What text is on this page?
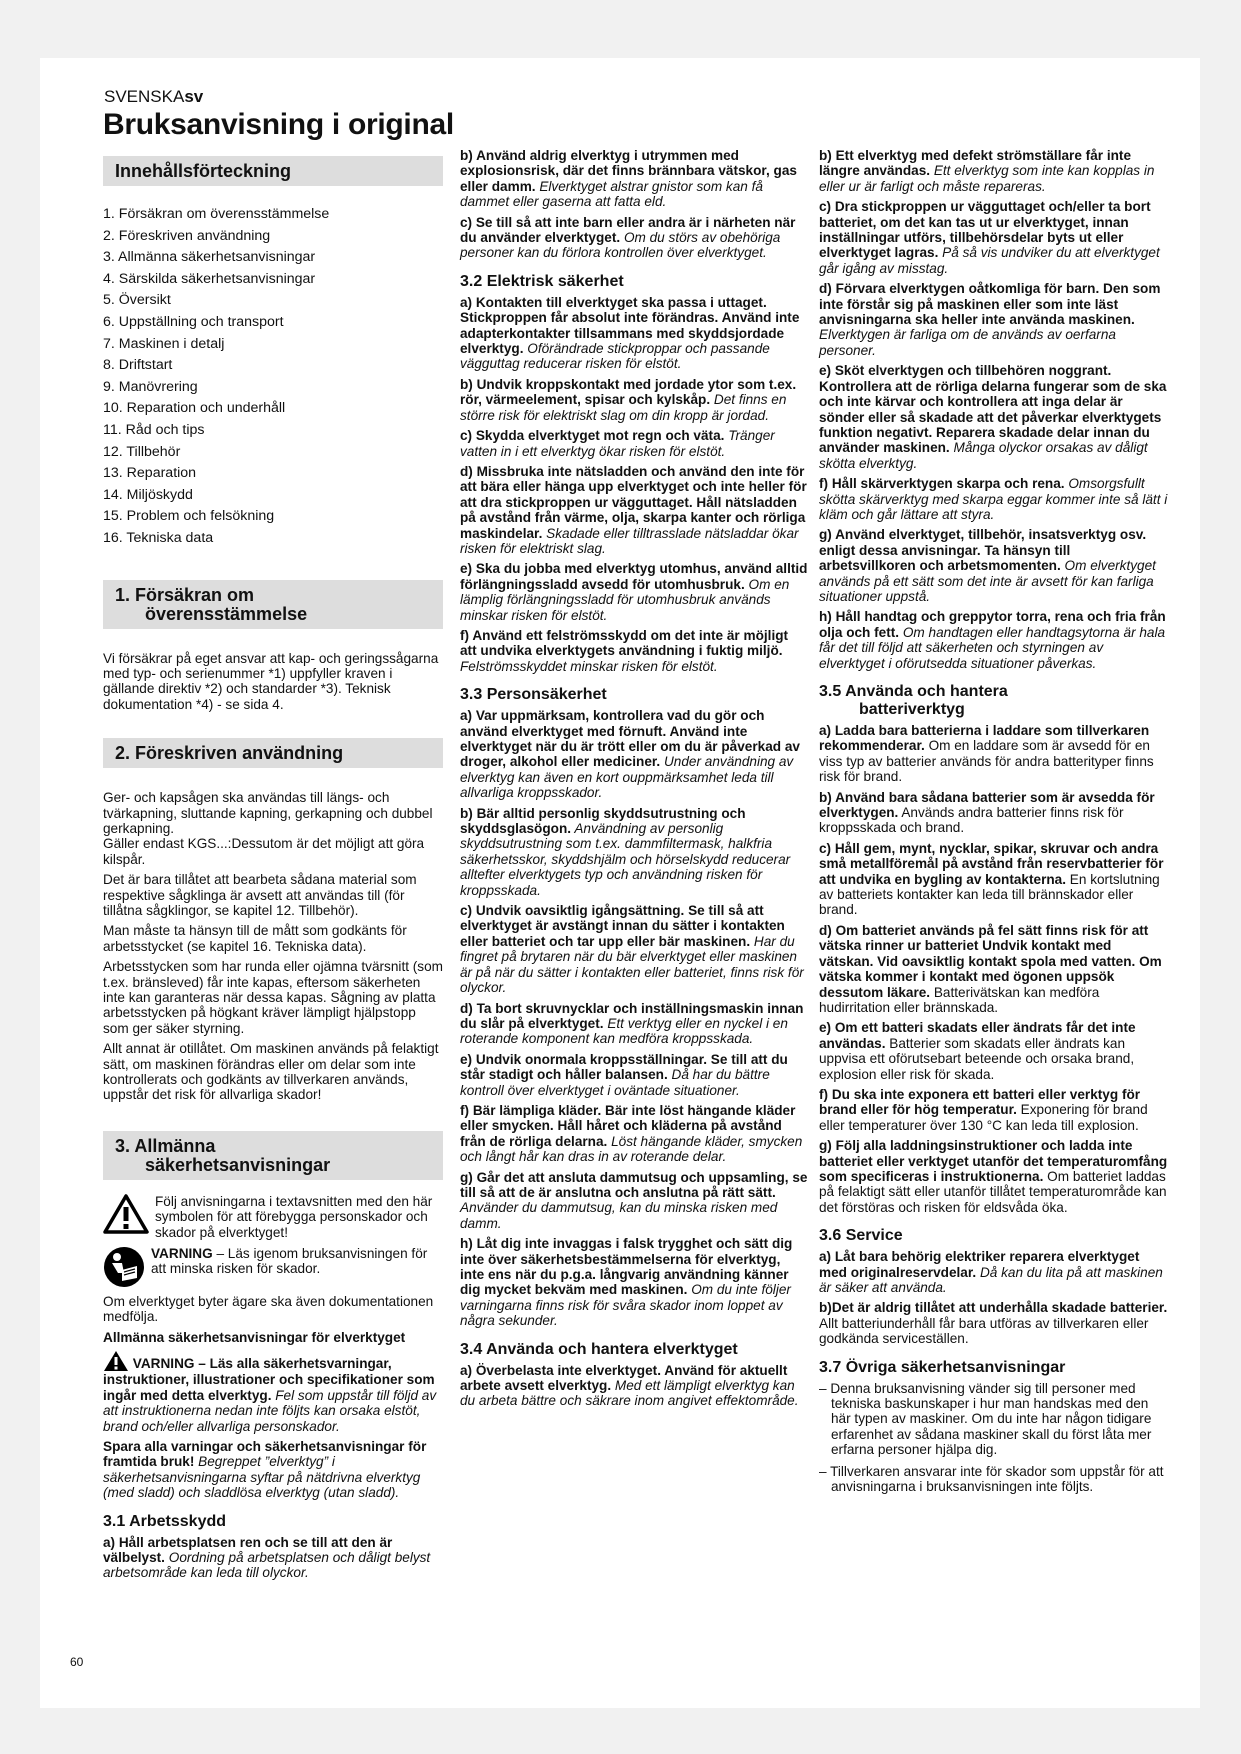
SVENSKAsv
Bruksanvisning i original
Innehållsförteckning
1. Försäkran om överensstämmelse
2. Föreskriven användning
3. Allmänna säkerhetsanvisningar
4. Särskilda säkerhetsanvisningar
5. Översikt
6. Uppställning och transport
7. Maskinen i detalj
8. Driftstart
9. Manövrering
10. Reparation och underhåll
11. Råd och tips
12. Tillbehör
13. Reparation
14. Miljöskydd
15. Problem och felsökning
16. Tekniska data
1. Försäkran om
överensstämmelse

Vi försäkrar på eget ansvar att kap- och geringssågarna med typ- och serienummer *1) uppfyller kraven i gällande direktiv *2) och standarder *3). Teknisk dokumentation *4) - se sida 4.

2. Föreskriven användning

Ger- och kapsågen ska användas till längs- och tvärkapning, sluttande kapning, gerkapning och dubbel gerkapning.

Gäller endast KGS...:Dessutom är det möjligt att göra kilspår.

Det är bara tillåtet att bearbeta sådana material som respektive sågklinga är avsett att användas till (för tillåtna sågklingor, se kapitel 12. Tillbehör).

Man måste ta hänsyn till de mått som godkänts för arbetsstycket (se kapitel 16. Tekniska data).

Arbetsstycken som har runda eller ojämna tvärsnitt (som t.ex. bränsleved) får inte kapas, eftersom säkerheten inte kan garanteras när dessa kapas. Sågning av platta arbetsstycken på högkant kräver lämpligt hjälpstopp som ger säker styrning.

Allt annat är otillåtet. Om maskinen används på felaktigt sätt, om maskinen förändras eller om delar som inte kontrollerats och godkänts av tillverkaren används, uppstår det risk för allvarliga skador!

3. Allmänna
säkerhetsanvisningar
Följ anvisningarna i textavsnitten med den här symbolen för att förebygga personskador och skador på elverktyget!
VARNING – Läs igenom bruksanvisningen för att minska risken för skador.

Om elverktyget byter ägare ska även dokumentationen medfölja.

Allmänna säkerhetsanvisningar för elverktyget

VARNING – Läs alla säkerhetsvarningar, instruktioner, illustrationer och specifikationer som ingår med detta elverktyg. Fel som uppstår till följd av att instruktionerna nedan inte följts kan orsaka elstöt, brand och/eller allvarliga personskador.

Spara alla varningar och säkerhetsanvisningar för framtida bruk! Begreppet ”elverktyg” i säkerhetsanvisningarna syftar på nätdrivna elverktyg (med sladd) och sladdlösa elverktyg (utan sladd).

3.1 Arbetsskydd

a) Håll arbetsplatsen ren och se till att den är välbelyst. Oordning på arbetsplatsen och dåligt belyst arbetsområde kan leda till olyckor.

b) Använd aldrig elverktyg i utrymmen med explosionsrisk, där det finns brännbara vätskor, gas eller damm. Elverktyget alstrar gnistor som kan få dammet eller gaserna att fatta eld.

c) Se till så att inte barn eller andra är i närheten när du använder elverktyget. Om du störs av obehöriga personer kan du förlora kontrollen över elverktyget.

3.2 Elektrisk säkerhet

a) Kontakten till elverktyget ska passa i uttaget. Stickproppen får absolut inte förändras. Använd inte adapterkontakter tillsammans med skyddsjordade elverktyg. Oförändrade stickproppar och passande vägguttag reducerar risken för elstöt.

b) Undvik kroppskontakt med jordade ytor som t.ex. rör, värmeelement, spisar och kylskåp. Det finns en större risk för elektriskt slag om din kropp är jordad.

c) Skydda elverktyget mot regn och väta. Tränger vatten in i ett elverktyg ökar risken för elstöt.

d) Missbruka inte nätsladden och använd den inte för att bära eller hänga upp elverktyget och inte heller för att dra stickproppen ur vägguttaget. Håll nätsladden på avstånd från värme, olja, skarpa kanter och rörliga maskindelar. Skadade eller tilltrasslade nätsladdar ökar risken för elektriskt slag.

e) Ska du jobba med elverktyg utomhus, använd alltid förlängningssladd avsedd för utomhusbruk. Om en lämplig förlängningssladd för utomhusbruk används minskar risken för elstöt.

f) Använd ett felströmsskydd om det inte är möjligt att undvika elverktygets användning i fuktig miljö. Felströmsskyddet minskar risken för elstöt.

3.3 Personsäkerhet

a) Var uppmärksam, kontrollera vad du gör och använd elverktyget med förnuft. Använd inte elverktyget när du är trött eller om du är påverkad av droger, alkohol eller mediciner. Under användning av elverktyg kan även en kort ouppmärksamhet leda till allvarliga kroppsskador.

b) Bär alltid personlig skyddsutrustning och skyddsglasögon. Användning av personlig skyddsutrustning som t.ex. dammfiltermask, halkfria säkerhetsskor, skyddshjälm och hörselskydd reducerar alltefter elverktygets typ och användning risken för kroppsskada.

c) Undvik oavsiktlig igångsättning. Se till så att elverktyget är avstängt innan du sätter i kontakten eller batteriet och tar upp eller bär maskinen. Har du fingret på brytaren när du bär elverktyget eller maskinen är på när du sätter i kontakten eller batteriet, finns risk för olyckor.

d) Ta bort skruvnycklar och inställningsmaskin innan du slår på elverktyget. Ett verktyg eller en nyckel i en roterande komponent kan medföra kroppsskada.

e) Undvik onormala kroppsställningar. Se till att du står stadigt och håller balansen. Då har du bättre kontroll över elverktyget i oväntade situationer.

f) Bär lämpliga kläder. Bär inte löst hängande kläder eller smycken. Håll håret och kläderna på avstånd från de rörliga delarna. Löst hängande kläder, smycken och långt hår kan dras in av roterande delar.

g) Går det att ansluta dammutsug och uppsamling, se till så att de är anslutna och anslutna på rätt sätt. Använder du dammutsug, kan du minska risken med damm.

h) Låt dig inte invaggas i falsk trygghet och sätt dig inte över säkerhetsbestämmelserna för elverktyg, inte ens när du p.g.a. långvarig användning känner dig mycket bekväm med maskinen. Om du inte följer varningarna finns risk för svåra skador inom loppet av några sekunder.

3.4 Använda och hantera elverktyget

a) Överbelasta inte elverktyget. Använd för aktuellt arbete avsett elverktyg. Med ett lämpligt elverktyg kan du arbeta bättre och säkrare inom angivet effektområde.

b) Ett elverktyg med defekt strömställare får inte längre användas. Ett elverktyg som inte kan kopplas in eller ur är farligt och måste repareras.

c) Dra stickproppen ur vägguttaget och/eller ta bort batteriet, om det kan tas ut ur elverktyget, innan inställningar utförs, tillbehörsdelar byts ut eller elverktyget lagras. På så vis undviker du att elverktyget går igång av misstag.

d) Förvara elverktygen oåtkomliga för barn. Den som inte förstår sig på maskinen eller som inte läst anvisningarna ska heller inte använda maskinen. Elverktygen är farliga om de används av oerfarna personer.

e) Sköt elverktygen och tillbehören noggrant. Kontrollera att de rörliga delarna fungerar som de ska och inte kärvar och kontrollera att inga delar är sönder eller så skadade att det påverkar elverktygets funktion negativt. Reparera skadade delar innan du använder maskinen. Många olyckor orsakas av dåligt skötta elverktyg.

f) Håll skärverktygen skarpa och rena. Omsorgsfullt skötta skärverktyg med skarpa eggar kommer inte så lätt i kläm och går lättare att styra.

g) Använd elverktyget, tillbehör, insatsverktyg osv. enligt dessa anvisningar. Ta hänsyn till arbetsvillkoren och arbetsmomenten. Om elverktyget används på ett sätt som det inte är avsett för kan farliga situationer uppstå.

h) Håll handtag och greppytor torra, rena och fria från olja och fett. Om handtagen eller handtagsytorna är hala får det till följd att säkerheten och styrningen av elverktyget i oförutsedda situationer påverkas.

3.5 Använda och hantera
batteriverktyg

a) Ladda bara batterierna i laddare som tillverkaren rekommenderar. Om en laddare som är avsedd för en viss typ av batterier används för andra batterityper finns risk för brand.

b) Använd bara sådana batterier som är avsedda för elverktygen. Används andra batterier finns risk för kroppsskada och brand.

c) Håll gem, mynt, nycklar, spikar, skruvar och andra små metallföremål på avstånd från reservbatterier för att undvika en bygling av kontakterna. En kortslutning av batteriets kontakter kan leda till brännskador eller brand.

d) Om batteriet används på fel sätt finns risk för att vätska rinner ur batteriet Undvik kontakt med vätskan. Vid oavsiktlig kontakt spola med vatten. Om vätska kommer i kontakt med ögonen uppsök dessutom läkare. Batterivätskan kan medföra hudirritation eller brännskada.

e) Om ett batteri skadats eller ändrats får det inte användas. Batterier som skadats eller ändrats kan uppvisa ett oförutsebart beteende och orsaka brand, explosion eller risk för skada.

f) Du ska inte exponera ett batteri eller verktyg för brand eller för hög temperatur. Exponering för brand eller temperaturer över 130 °C kan leda till explosion.

g) Följ alla laddningsinstruktioner och ladda inte batteriet eller verktyget utanför det temperaturomfång som specificeras i instruktionerna. Om batteriet laddas på felaktigt sätt eller utanför tillåtet temperaturområde kan det förstöras och risken för eldsvåda öka.

3.6 Service

a) Låt bara behörig elektriker reparera elverktyget med originalreservdelar. Då kan du lita på att maskinen är säker att använda.

b)Det är aldrig tillåtet att underhålla skadade batterier. Allt batteriunderhåll får bara utföras av tillverkaren eller godkända serviceställen.

3.7 Övriga säkerhetsanvisningar

– Denna bruksanvisning vänder sig till personer med tekniska baskunskaper i hur man handskas med den här typen av maskiner. Om du inte har någon tidigare erfarenhet av sådana maskiner skall du först låta mer erfarna personer hjälpa dig.

– Tillverkaren ansvarar inte för skador som uppstår för att anvisningarna i bruksanvisningen inte följts.

60
